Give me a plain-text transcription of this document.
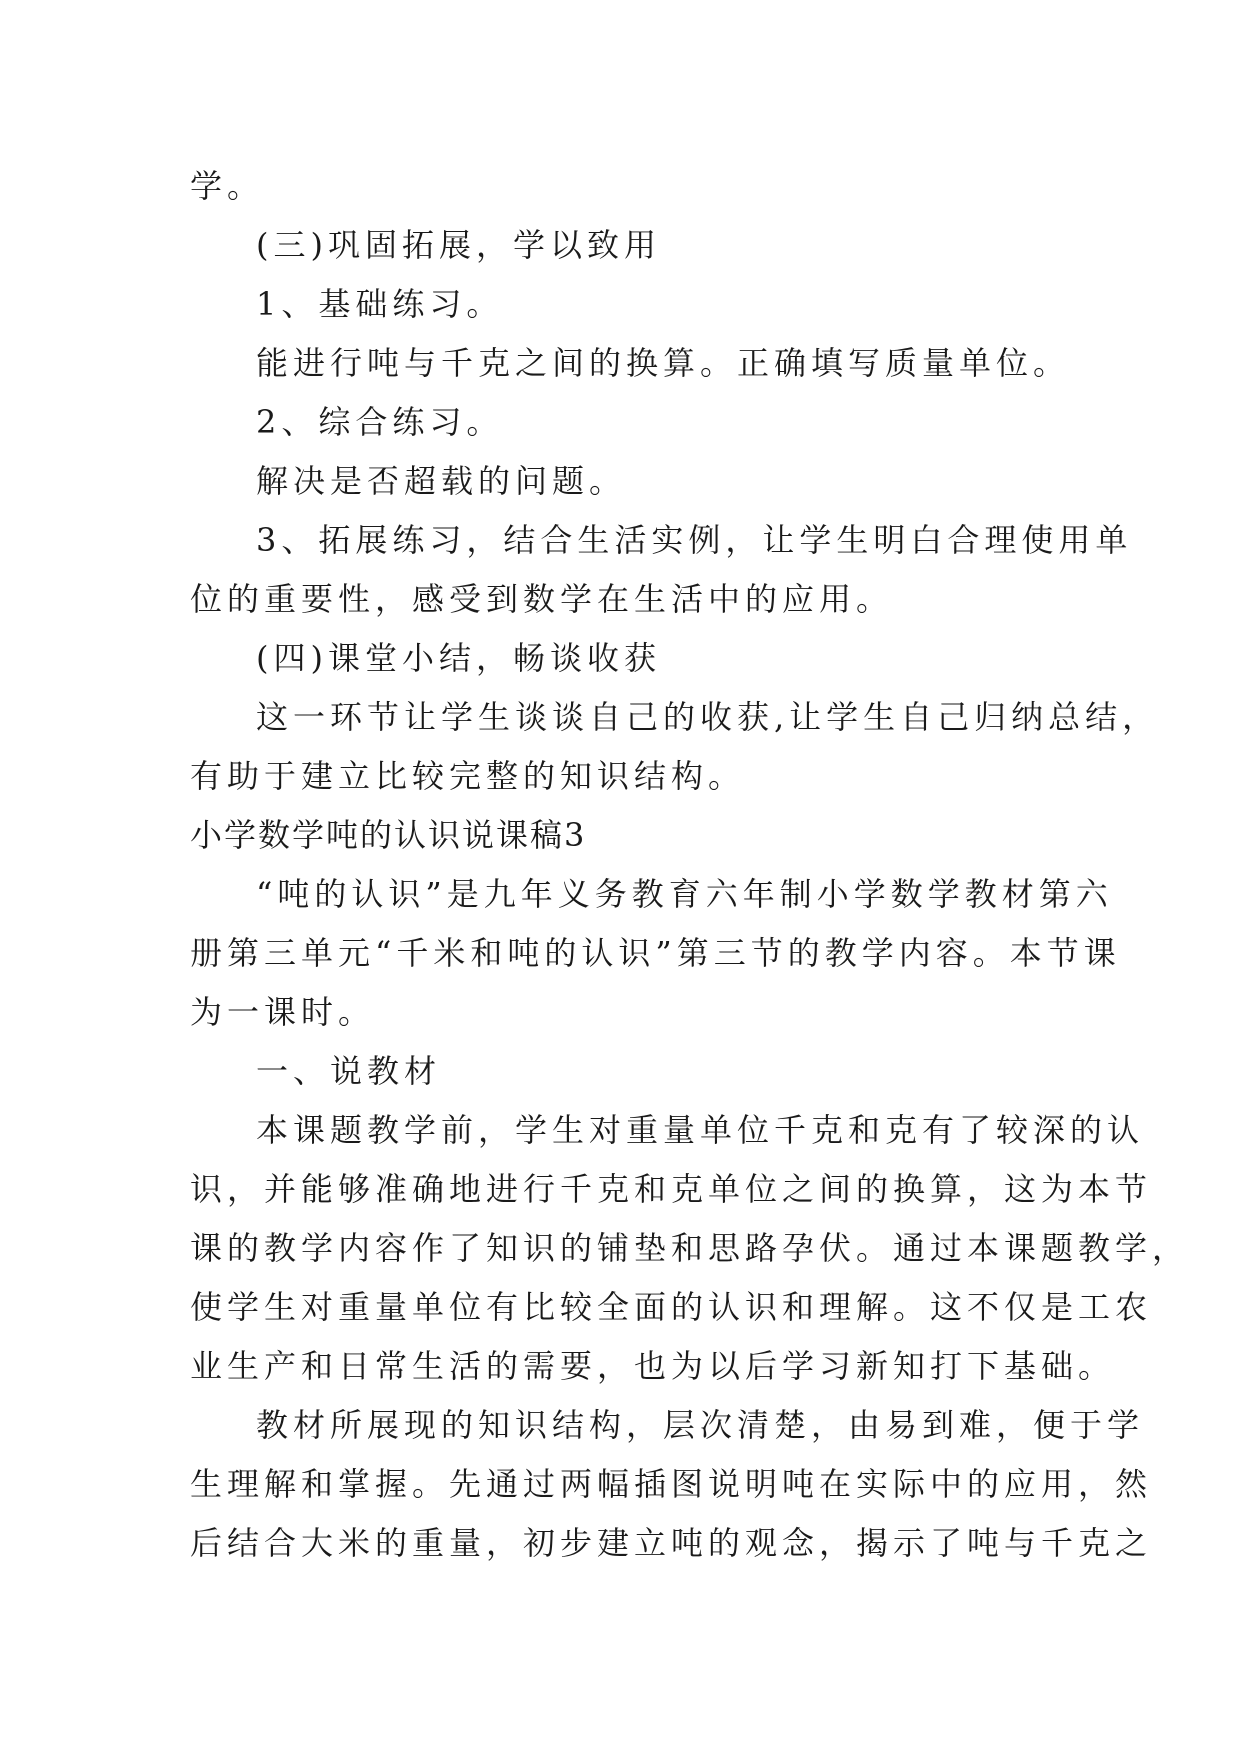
学。
(三)巩固拓展，学以致用
1、基础练习。
能进行吨与千克之间的换算。正确填写质量单位。
2、综合练习。
解决是否超载的问题。
3、拓展练习，结合生活实例，让学生明白合理使用单
位的重要性，感受到数学在生活中的应用。
(四)课堂小结，畅谈收获
这一环节让学生谈谈自己的收获,让学生自己归纳总结，
有助于建立比较完整的知识结构。
小学数学吨的认识说课稿3
“吨的认识”是九年义务教育六年制小学数学教材第六
册第三单元“千米和吨的认识”第三节的教学内容。本节课
为一课时。
一、说教材
本课题教学前，学生对重量单位千克和克有了较深的认
识，并能够准确地进行千克和克单位之间的换算，这为本节
课的教学内容作了知识的铺垫和思路孕伏。通过本课题教学，
使学生对重量单位有比较全面的认识和理解。这不仅是工农
业生产和日常生活的需要，也为以后学习新知打下基础。
教材所展现的知识结构，层次清楚，由易到难，便于学
生理解和掌握。先通过两幅插图说明吨在实际中的应用，然
后结合大米的重量，初步建立吨的观念，揭示了吨与千克之
